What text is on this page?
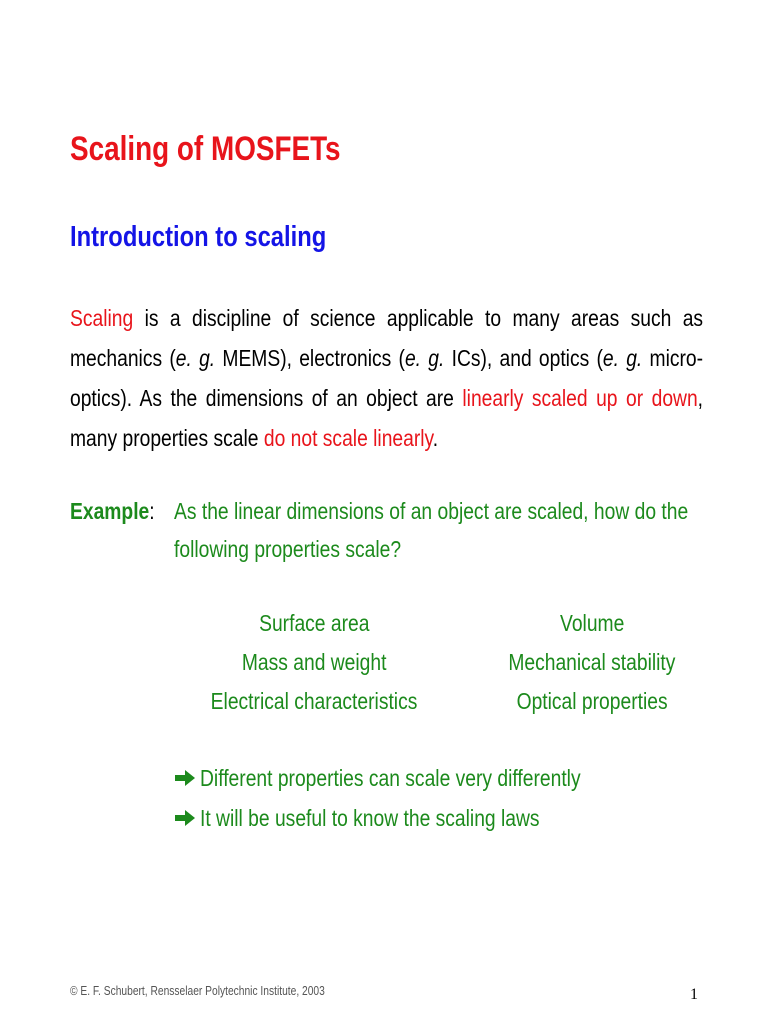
Scaling of MOSFETs
Introduction to scaling
Scaling is a discipline of science applicable to many areas such as
mechanics (e. g. MEMS), electronics (e. g. ICs), and optics (e. g. micro-
optics). As the dimensions of an object are linearly scaled up or down,
many properties scale do not scale linearly.
Example: As the linear dimensions of an object are scaled, how do the
following properties scale?
Surface area
Mass and weight
Electrical characteristics
Volume
Mechanical stability
Optical properties
Different properties can scale very differently
It will be useful to know the scaling laws
© E. F. Schubert, Rensselaer Polytechnic Institute, 2003	1
